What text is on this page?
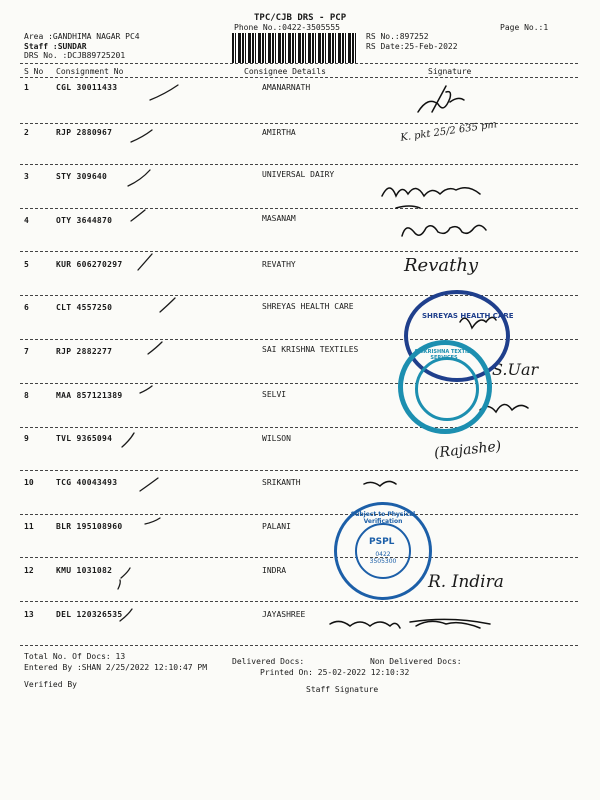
TPC/CJB DRS - PCP
Phone No.:0422-3505555	Page No.:1
Area :GANDHIMA NAGAR PC4
Staff :SUNDAR
DRS No. :DCJB89725201
RS No.:897252
RS Date:25-Feb-2022
S No Consignment No	Consignee Details	Signature
1	CGL 30011433	AMANARNATH
2	RJP 2880967	AMIRTHA
3	STY 309640	UNIVERSAL DAIRY
4	OTY 3644870	MASANAM
5	KUR 606270297	REVATHY
6	CLT 4557250	SHREYAS HEALTH CARE
7	RJP 2882277	SAI KRISHNA TEXTILES
8	MAA 857121389	SELVI
9	TVL 9365094	WILSON
10	TCG 40043493	SRIKANTH
11	BLR 195108960	PALANI
12	KMU 1031082	INDRA
13	DEL 120326535	JAYASHREE
K. pkt 25/2 635 pm
Revathy
S.Uar
(Rajashe)
R. Indira
SHREYAS HEALTH CARE
SAIKRISHNA TEXTILE SERVICES
Subject to Physical Verification
PSPL
0422 3505300
Total No. Of Docs: 13
Delivered Docs:	Non Delivered Docs:
Entered By :SHAN 2/25/2022 12:10:47 PM
Printed On: 25-02-2022 12:10:32
Verified By
Staff Signature
